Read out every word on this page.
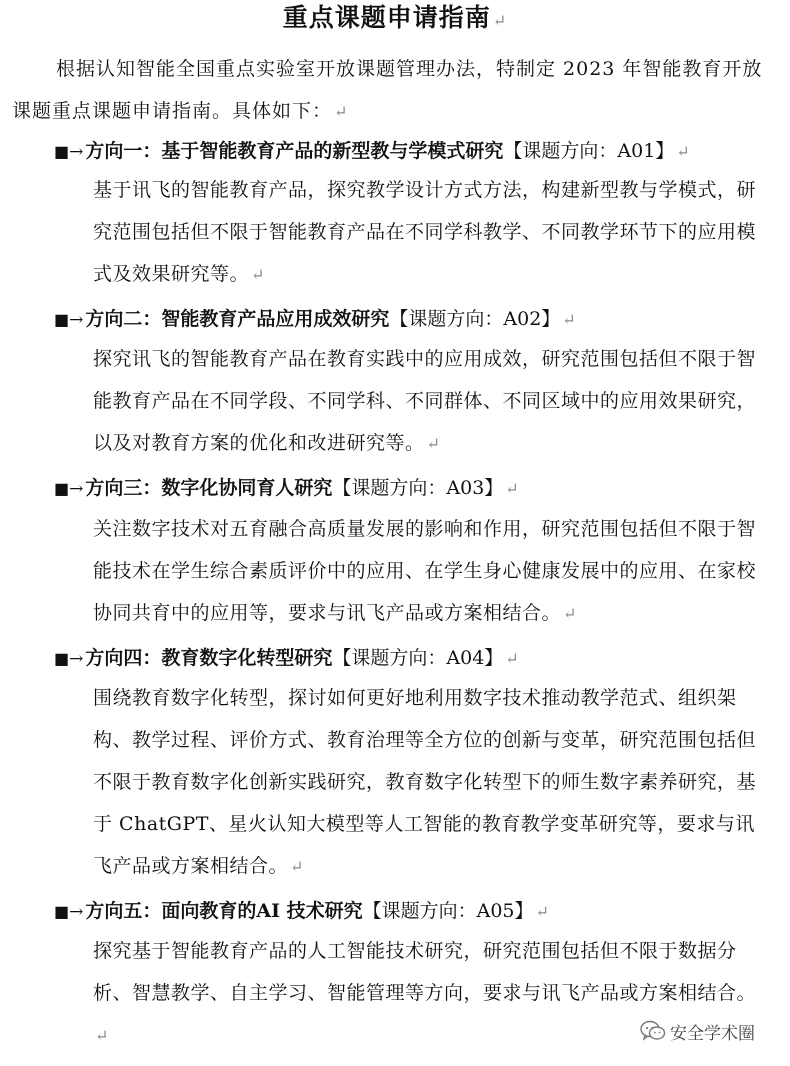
重点课题申请指南 ↵
根据认知智能全国重点实验室开放课题管理办法，特制定 2023 年智能教育开放课题重点课题申请指南。具体如下： ↵
■→ 方向一：基于智能教育产品的新型教与学模式研究【课题方向：A01】 ↵
基于讯飞的智能教育产品，探究教学设计方式方法，构建新型教与学模式，研究范围包括但不限于智能教育产品在不同学科教学、不同教学环节下的应用模式及效果研究等。 ↵
■→ 方向二：智能教育产品应用成效研究【课题方向：A02】 ↵
探究讯飞的智能教育产品在教育实践中的应用成效，研究范围包括但不限于智能教育产品在不同学段、不同学科、不同群体、不同区域中的应用效果研究，以及对教育方案的优化和改进研究等。 ↵
■→ 方向三：数字化协同育人研究【课题方向：A03】 ↵
关注数字技术对五育融合高质量发展的影响和作用，研究范围包括但不限于智能技术在学生综合素质评价中的应用、在学生身心健康发展中的应用、在家校协同共育中的应用等，要求与讯飞产品或方案相结合。 ↵
■→ 方向四：教育数字化转型研究【课题方向：A04】 ↵
围绕教育数字化转型，探讨如何更好地利用数字技术推动教学范式、组织架构、教学过程、评价方式、教育治理等全方位的创新与变革，研究范围包括但不限于教育数字化创新实践研究，教育数字化转型下的师生数字素养研究，基于 ChatGPT、星火认知大模型等人工智能的教育教学变革研究等，要求与讯飞产品或方案相结合。 ↵
■→ 方向五：面向教育的AI 技术研究【课题方向：A05】 ↵
探究基于智能教育产品的人工智能技术研究，研究范围包括但不限于数据分析、智慧教学、自主学习、智能管理等方向，要求与讯飞产品或方案相结合。↵	安全学术圈
